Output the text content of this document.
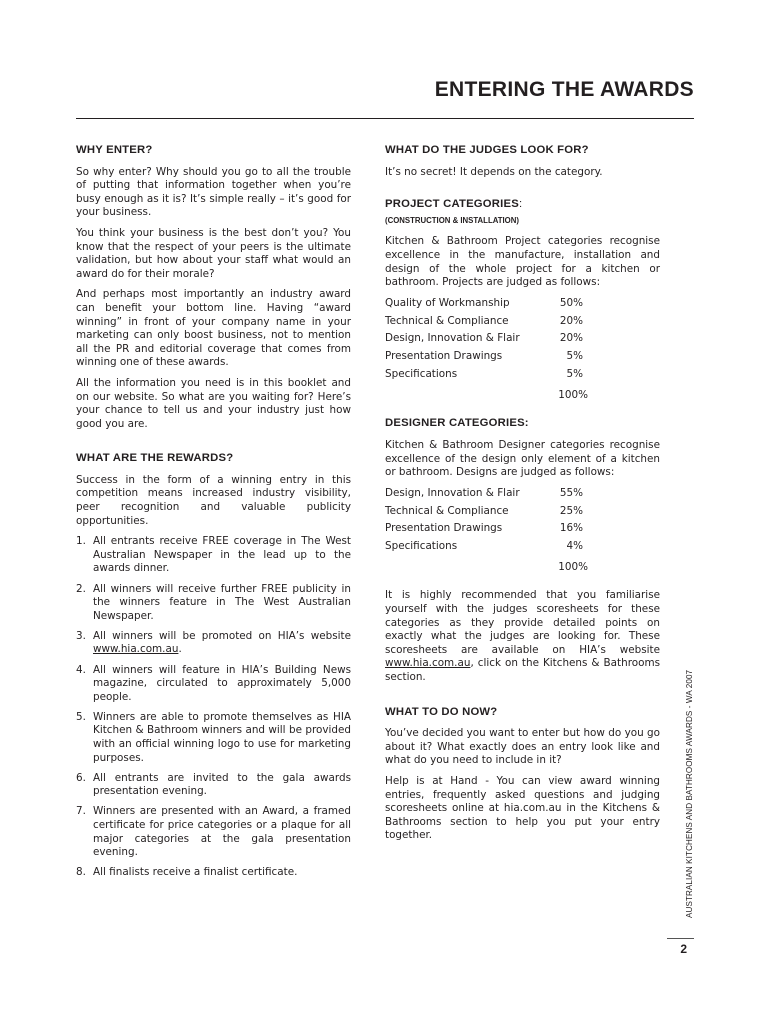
ENTERING THE AWARDS
WHY ENTER?

So why enter? Why should you go to all the trouble of putting that information together when you’re busy enough as it is? It’s simple really – it’s good for your business.

You think your business is the best don’t you? You know that the respect of your peers is the ultimate validation, but how about your staff what would an award do for their morale?

And perhaps most importantly an industry award can benefit your bottom line. Having “award winning” in front of your company name in your marketing can only boost business, not to mention all the PR and editorial coverage that comes from winning one of these awards.

All the information you need is in this booklet and on our website. So what are you waiting for? Here’s your chance to tell us and your industry just how good you are.

WHAT ARE THE REWARDS?

Success in the form of a winning entry in this competition means increased industry visibility, peer recognition and valuable publicity opportunities.

1. All entrants receive FREE coverage in The West Australian Newspaper in the lead up to the awards dinner.
2. All winners will receive further FREE publicity in the winners feature in The West Australian Newspaper.
3. All winners will be promoted on HIA’s website www.hia.com.au.
4. All winners will feature in HIA’s Building News magazine, circulated to approximately 5,000 people.
5. Winners are able to promote themselves as HIA Kitchen & Bathroom winners and will be provided with an official winning logo to use for marketing purposes.
6. All entrants are invited to the gala awards presentation evening.
7. Winners are presented with an Award, a framed certificate for price categories or a plaque for all major categories at the gala presentation evening.
8. All finalists receive a finalist certificate.
WHAT DO THE JUDGES LOOK FOR?

It’s no secret! It depends on the category.

PROJECT CATEGORIES:
(CONSTRUCTION & INSTALLATION)

Kitchen & Bathroom Project categories recognise excellence in the manufacture, installation and design of the whole project for a kitchen or bathroom. Projects are judged as follows:

Quality of Workmanship	50%
Technical & Compliance	20%
Design, Innovation & Flair	20%
Presentation Drawings	5%
Specifications	5%
100%
DESIGNER CATEGORIES:

Kitchen & Bathroom Designer categories recognise excellence of the design only element of a kitchen or bathroom. Designs are judged as follows:

Design, Innovation & Flair	55%
Technical & Compliance	25%
Presentation Drawings	16%
Specifications	4%
100%

It is highly recommended that you familiarise yourself with the judges scoresheets for these categories as they provide detailed points on exactly what the judges are looking for. These scoresheets are available on HIA’s website www.hia.com.au, click on the Kitchens & Bathrooms section.

WHAT TO DO NOW?

You’ve decided you want to enter but how do you go about it? What exactly does an entry look like and what do you need to include in it?

Help is at Hand - You can view award winning entries, frequently asked questions and judging scoresheets online at hia.com.au in the Kitchens & Bathrooms section to help you put your entry together.	AUSTRALIAN KITCHENS AND BATHROOMS AWARDS - WA 2007
2
